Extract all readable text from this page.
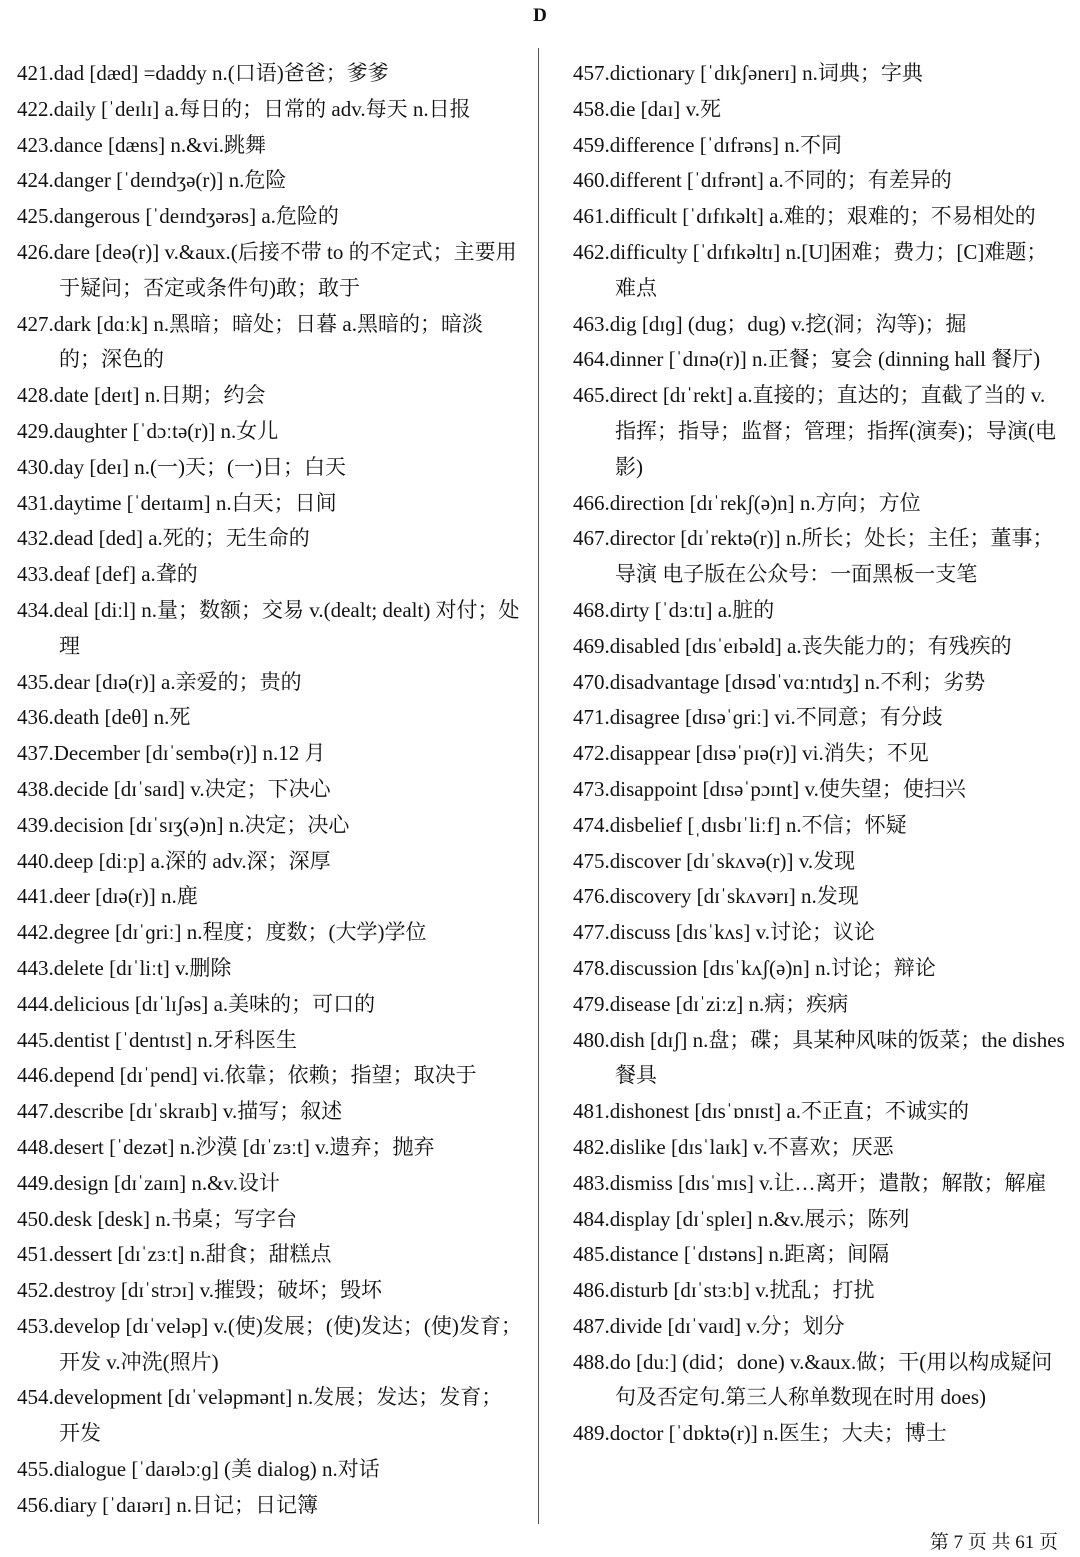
D
421.dad [dæd] =daddy n.(口语)爸爸；爹爹
422.daily [ˈdeɪlɪ] a.每日的；日常的 adv.每天 n.日报
423.dance [dæns] n.&vi.跳舞
424.danger [ˈdeɪndʒə(r)] n.危险
425.dangerous [ˈdeɪndʒərəs] a.危险的
426.dare [deə(r)] v.&aux.(后接不带 to 的不定式；主要用于疑问；否定或条件句)敢；敢于
427.dark [dɑːk] n.黑暗；暗处；日暮 a.黑暗的；暗淡的；深色的
428.date [deɪt] n.日期；约会
429.daughter [ˈdɔːtə(r)] n.女儿
430.day [deɪ] n.(一)天；(一)日；白天
431.daytime [ˈdeɪtaɪm] n.白天；日间
432.dead [ded] a.死的；无生命的
433.deaf [def] a.聋的
434.deal [diːl] n.量；数额；交易 v.(dealt; dealt) 对付；处理
435.dear [dɪə(r)] a.亲爱的；贵的
436.death [deθ] n.死
437.December [dɪˈsembə(r)] n.12 月
438.decide [dɪˈsaɪd] v.决定；下决心
439.decision [dɪˈsɪʒ(ə)n] n.决定；决心
440.deep [diːp] a.深的 adv.深；深厚
441.deer [dɪə(r)] n.鹿
442.degree [dɪˈɡriː] n.程度；度数；(大学)学位
443.delete [dɪˈliːt] v.删除
444.delicious [dɪˈlɪʃəs] a.美味的；可口的
445.dentist [ˈdentɪst] n.牙科医生
446.depend [dɪˈpend] vi.依靠；依赖；指望；取决于
447.describe [dɪˈskraɪb] v.描写；叙述
448.desert [ˈdezət] n.沙漠 [dɪˈzɜːt] v.遗弃；抛弃
449.design [dɪˈzaɪn] n.&v.设计
450.desk [desk] n.书桌；写字台
451.dessert [dɪˈzɜːt] n.甜食；甜糕点
452.destroy [dɪˈstrɔɪ] v.摧毁；破坏；毁坏
453.develop [dɪˈveləp] v.(使)发展；(使)发达；(使)发育；开发 v.冲洗(照片)
454.development [dɪˈveləpmənt] n.发展；发达；发育；开发
455.dialogue [ˈdaɪəlɔːɡ] (美 dialog) n.对话
456.diary [ˈdaɪərɪ] n.日记；日记簿
457.dictionary [ˈdɪkʃənerɪ] n.词典；字典
458.die [daɪ] v.死
459.difference [ˈdɪfrəns] n.不同
460.different [ˈdɪfrənt] a.不同的；有差异的
461.difficult [ˈdɪfɪkəlt] a.难的；艰难的；不易相处的
462.difficulty [ˈdɪfɪkəltɪ] n.[U]困难；费力；[C]难题；难点
463.dig [dɪɡ] (dug；dug) v.挖(洞；沟等)；掘
464.dinner [ˈdɪnə(r)] n.正餐；宴会 (dinning hall 餐厅)
465.direct [dɪˈrekt] a.直接的；直达的；直截了当的 v.指挥；指导；监督；管理；指挥(演奏)；导演(电影)
466.direction [dɪˈrekʃ(ə)n] n.方向；方位
467.director [dɪˈrektə(r)] n.所长；处长；主任；董事；导演 电子版在公众号：一面黑板一支笔
468.dirty [ˈdɜːtɪ] a.脏的
469.disabled [dɪsˈeɪbəld] a.丧失能力的；有残疾的
470.disadvantage [dɪsədˈvɑːntɪdʒ] n.不利；劣势
471.disagree [dɪsəˈɡriː] vi.不同意；有分歧
472.disappear [dɪsəˈpɪə(r)] vi.消失；不见
473.disappoint [dɪsəˈpɔɪnt] v.使失望；使扫兴
474.disbelief [ˌdɪsbɪˈliːf] n.不信；怀疑
475.discover [dɪˈskʌvə(r)] v.发现
476.discovery [dɪˈskʌvərɪ] n.发现
477.discuss [dɪsˈkʌs] v.讨论；议论
478.discussion [dɪsˈkʌʃ(ə)n] n.讨论；辩论
479.disease [dɪˈziːz] n.病；疾病
480.dish [dɪʃ] n.盘；碟；具某种风味的饭菜；the dishes 餐具
481.dishonest [dɪsˈɒnɪst] a.不正直；不诚实的
482.dislike [dɪsˈlaɪk] v.不喜欢；厌恶
483.dismiss [dɪsˈmɪs] v.让…离开；遣散；解散；解雇
484.display [dɪˈspleɪ] n.&v.展示；陈列
485.distance [ˈdɪstəns] n.距离；间隔
486.disturb [dɪˈstɜːb] v.扰乱；打扰
487.divide [dɪˈvaɪd] v.分；划分
488.do [duː] (did；done) v.&aux.做；干(用以构成疑问句及否定句.第三人称单数现在时用 does)
489.doctor [ˈdɒktə(r)] n.医生；大夫；博士
第 7 页 共 61 页
